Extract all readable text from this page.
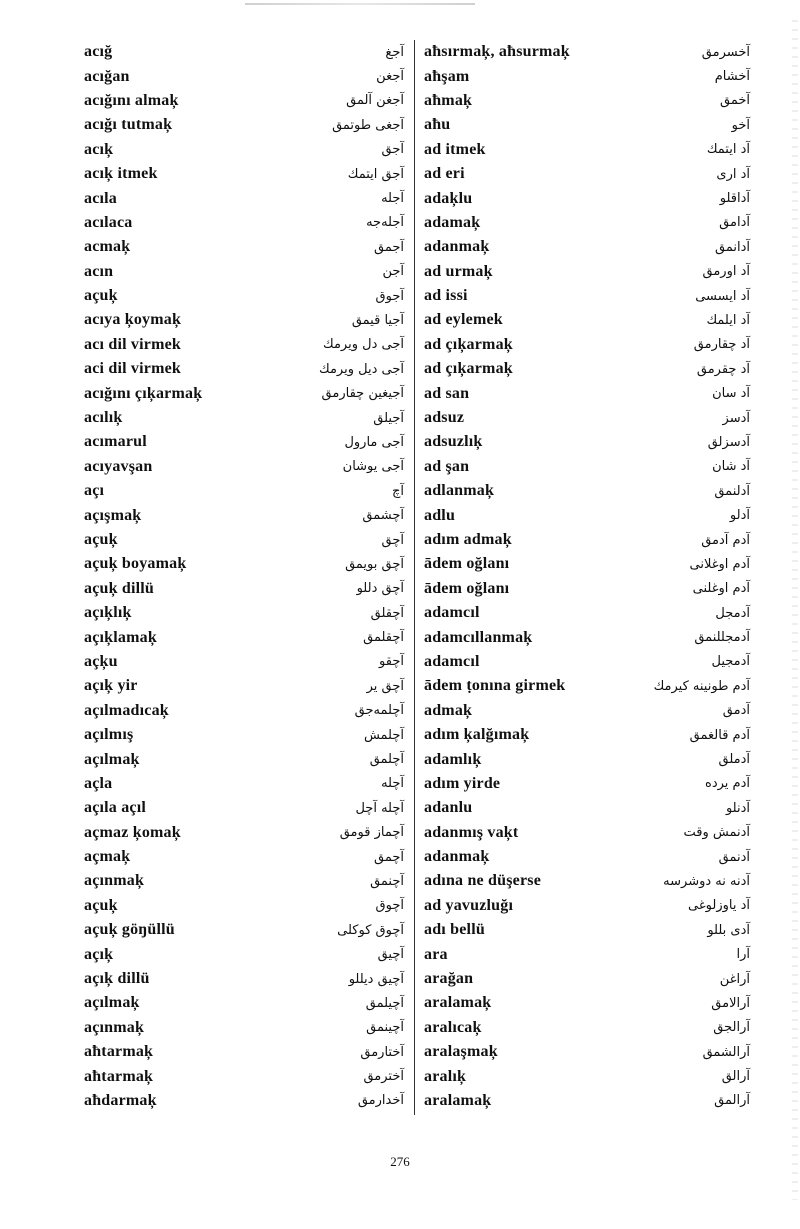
acığ	آجغ
acığan	آجغن
acığını almaķ	آجغن آلمق
acığı tutmaķ	آجغی طوتمق
acıķ	آجق
acıķ itmek	آجق ایتمك
acıla	آجله
acılaca	آجله‌جه
acmaķ	آجمق
acın	آجن
açuķ	آجوق
acıya ķoymaķ	آجیا قیمق
acı dil virmek	آجی دل ویرمك
aci dil virmek	آجی دیل ویرمك
acığını çıķarmaķ	آجیغین چقارمق
acılıķ	آجیلق
acımarul	آجی مارول
acıyavşan	آجی یوشان
açı	آچ
açışmaķ	آچشمق
açuķ	آچق
açuķ boyamaķ	آچق بویمق
açuķ dillü	آچق دللو
açıķlıķ	آچقلق
açıķlamaķ	آچقلمق
açķu	آچقو
açıķ yir	آچق یر
açılmadıcaķ	آچلمه‌جق
açılmış	آچلمش
açılmaķ	آچلمق
açla	آچله
açıla açıl	آچله آچل
açmaz ķomaķ	آچماز قومق
açmaķ	آچمق
açınmaķ	آچنمق
açuķ	آچوق
açuķ göŋüllü	آچوق کوکلی
açıķ	آچیق
açıķ dillü	آچیق دیللو
açılmaķ	آچیلمق
açınmaķ	آچینمق
aħtarmaķ	آختارمق
aħtarmaķ	آخترمق
aħdarmaķ	آخدارمق
aħsırmaķ, aħsurmaķ	آخسرمق
aħşam	آخشام
aħmaķ	آخمق
aħu	آخو
ad itmek	آد ایتمك
ad eri	آد اری
adaķlu	آداقلو
adamaķ	آدامق
adanmaķ	آدانمق
ad urmaķ	آد اورمق
ad issi	آد ایسسی
ad eylemek	آد ایلمك
ad çıķarmaķ	آد چقارمق
ad çıķarmaķ	آد چقرمق
ad san	آد سان
adsuz	آدسز
adsuzlıķ	آدسزلق
ad şan	آد شان
adlanmaķ	آدلنمق
adlu	آدلو
adım admaķ	آدم آدمق
ādem oğlanı	آدم اوغلانی
ādem oğlanı	آدم اوغلنی
adamcıl	آدمجل
adamcıllanmaķ	آدمجللنمق
adamcıl	آدمجیل
ādem ṭonına girmek	آدم طونینه کیرمك
admaķ	آدمق
adım ķalğımaķ	آدم قالغمق
adamlıķ	آدملق
adım yirde	آدم یرده
adanlu	آدنلو
adanmış vaķt	آدنمش وقت
adanmaķ	آدنمق
adına ne düşerse	آدنه نه دوشرسه
ad yavuzluğı	آد یاوزلوغی
adı bellü	آدی بللو
ara	آرا
arağan	آراغن
aralamaķ	آرالامق
aralıcaķ	آرالجق
aralaşmaķ	آرالشمق
aralıķ	آرالق
aralamaķ	آرالمق
276
